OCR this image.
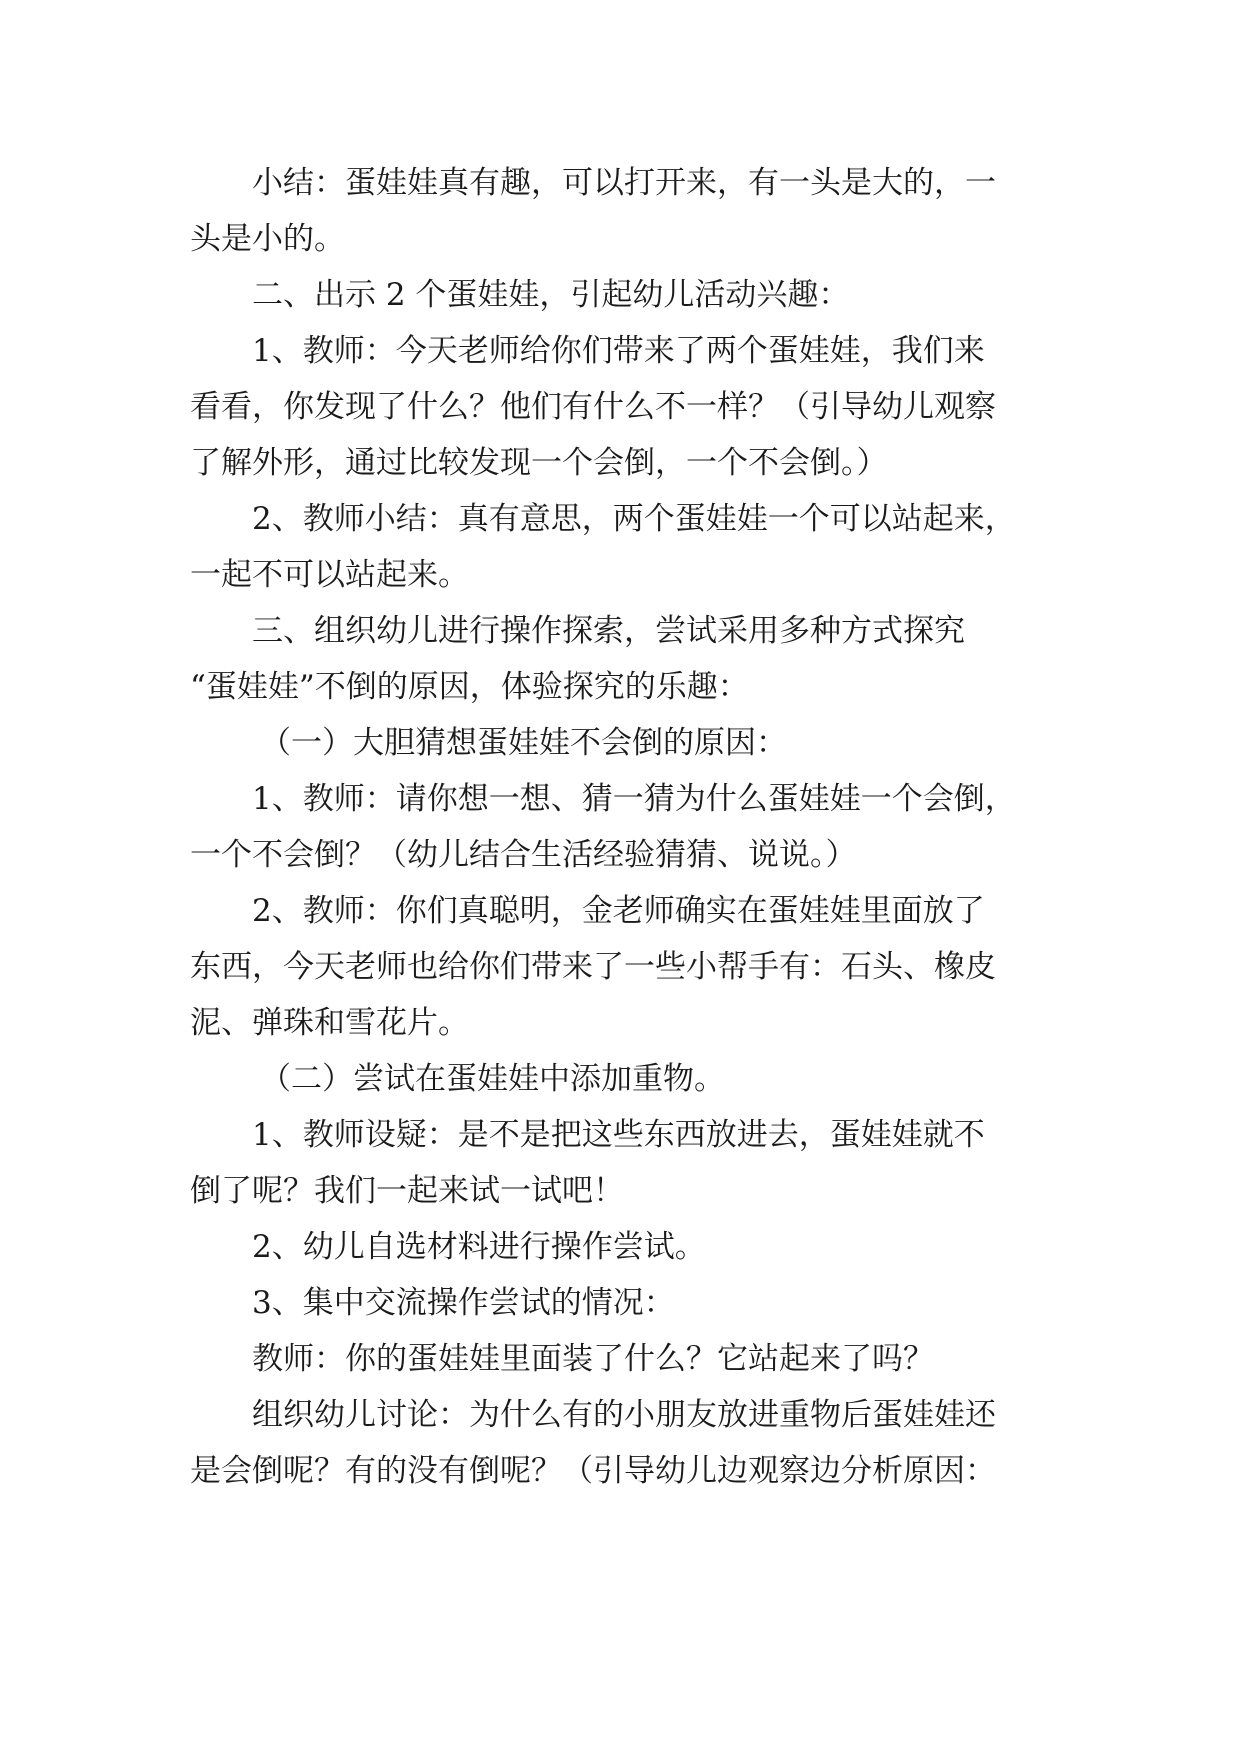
小结：蛋娃娃真有趣，可以打开来，有一头是大的，一
头是小的。
二、出示 2 个蛋娃娃，引起幼儿活动兴趣：
1、教师：今天老师给你们带来了两个蛋娃娃，我们来
看看，你发现了什么？他们有什么不一样？（引导幼儿观察
了解外形，通过比较发现一个会倒，一个不会倒。）
2、教师小结：真有意思，两个蛋娃娃一个可以站起来，
一起不可以站起来。
三、组织幼儿进行操作探索，尝试采用多种方式探究
“蛋娃娃”不倒的原因，体验探究的乐趣：
（一）大胆猜想蛋娃娃不会倒的原因：
1、教师：请你想一想、猜一猜为什么蛋娃娃一个会倒，
一个不会倒？（幼儿结合生活经验猜猜、说说。）
2、教师：你们真聪明，金老师确实在蛋娃娃里面放了
东西，今天老师也给你们带来了一些小帮手有：石头、橡皮
泥、弹珠和雪花片。
（二）尝试在蛋娃娃中添加重物。
1、教师设疑：是不是把这些东西放进去，蛋娃娃就不
倒了呢？我们一起来试一试吧！
2、幼儿自选材料进行操作尝试。
3、集中交流操作尝试的情况：
教师：你的蛋娃娃里面装了什么？它站起来了吗？
组织幼儿讨论：为什么有的小朋友放进重物后蛋娃娃还
是会倒呢？有的没有倒呢？（引导幼儿边观察边分析原因：
